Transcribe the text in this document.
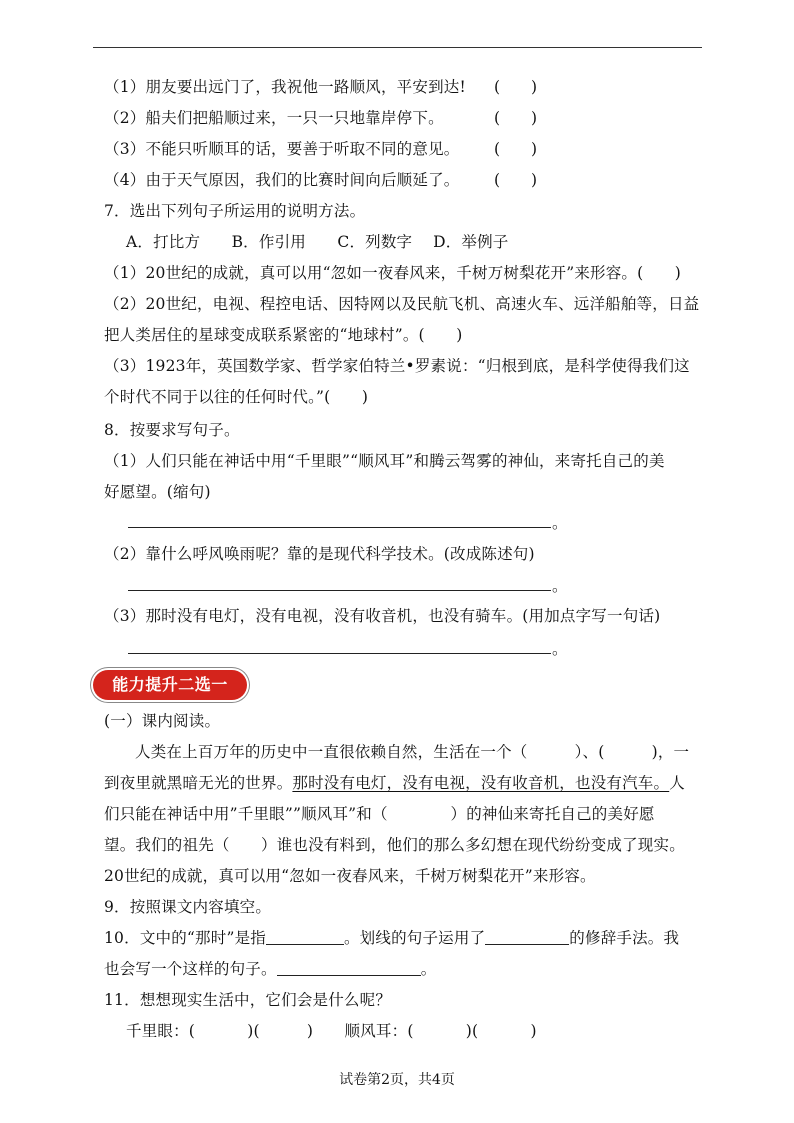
（1）朋友要出远门了，我祝他一路顺风，平安到达! (　　)
（2）船夫们把船顺过来，一只一只地靠岸停下。	(　　)
（3）不能只听顺耳的话，要善于听取不同的意见。 (　　)
（4）由于天气原因，我们的比赛时间向后顺延了。 (　　)
7．选出下列句子所运用的说明方法。
A．打比方　　B．作引用　　C．列数字　 D．举例子
（1）20世纪的成就，真可以用“忽如一夜春风来，千树万树梨花开”来形容。(　　)
（2）20世纪，电视、程控电话、因特网以及民航飞机、高速火车、远洋船舶等，日益
把人类居住的星球变成联系紧密的“地球村”。(　　)
（3）1923年，英国数学家、哲学家伯特兰•罗素说：“归根到底，是科学使得我们这
个时代不同于以往的任何时代。”(　　)
8．按要求写句子。
（1）人们只能在神话中用“千里眼”“顺风耳”和腾云驾雾的神仙，来寄托自己的美
好愿望。(缩句)
。
（2）靠什么呼风唤雨呢？靠的是现代科学技术。(改成陈述句)
。
（3）那时没有电灯，没有电视，没有收音机，也没有骑车。(用加点字写一句话)
。
能力提升二选一
(一）课内阅读。
人类在上百万年的历史中一直很依赖自然，生活在一个（　　　）、(　　　)，一
到夜里就黑暗无光的世界。那时没有电灯，没有电视，没有收音机，也没有汽车。人
们只能在神话中用”千里眼””顺风耳”和（　　　　）的神仙来寄托自己的美好愿
望。我们的祖先（　　）谁也没有料到，他们的那么多幻想在现代纷纷变成了现实。
20世纪的成就，真可以用“忽如一夜春风来，千树万树梨花开”来形容。
9．按照课文内容填空。
10．文中的“那时”是指	。划线的句子运用了	的修辞手法。我
也会写一个这样的句子。	。
11．想想现实生活中，它们会是什么呢？
千里眼：(　　　 )(　　　)　　顺风耳：(　　　 )(　　　 )
试卷第2页，共4页
